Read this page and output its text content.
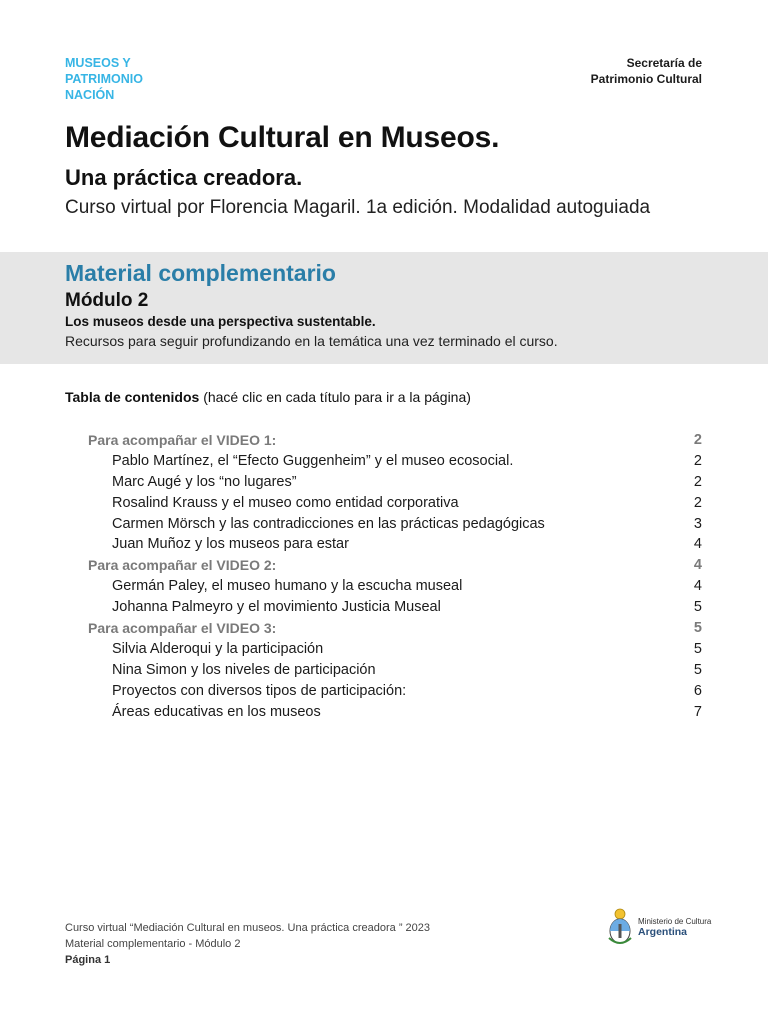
MUSEOS Y
PATRIMONIO
NACIÓN
Secretaría de
Patrimonio Cultural
Mediación Cultural en Museos.
Una práctica creadora.
Curso virtual por Florencia Magaril. 1a edición. Modalidad autoguiada
Material complementario
Módulo 2
Los museos desde una perspectiva sustentable.
Recursos para seguir profundizando en la temática una vez terminado el curso.
Tabla de contenidos (hacé clic en cada título para ir a la página)
Para acompañar el VIDEO 1:	2
Pablo Martínez, el “Efecto Guggenheim” y el museo ecosocial.	2
Marc Augé y los “no lugares”	2
Rosalind Krauss y el museo como entidad corporativa	2
Carmen Mörsch y las contradicciones en las prácticas pedagógicas	3
Juan Muñoz y los museos para estar	4
Para acompañar el VIDEO 2:	4
Germán Paley, el museo humano y la escucha museal	4
Johanna Palmeyro y el movimiento Justicia Museal	5
Para acompañar el VIDEO 3:	5
Silvia Alderoqui y la participación	5
Nina Simon y los niveles de participación	5
Proyectos con diversos tipos de participación:	6
Áreas educativas en los museos	7
Curso virtual “Mediación Cultural en museos. Una práctica creadora ” 2023
Material complementario - Módulo 2
Página 1
Ministerio de Cultura
Argentina
